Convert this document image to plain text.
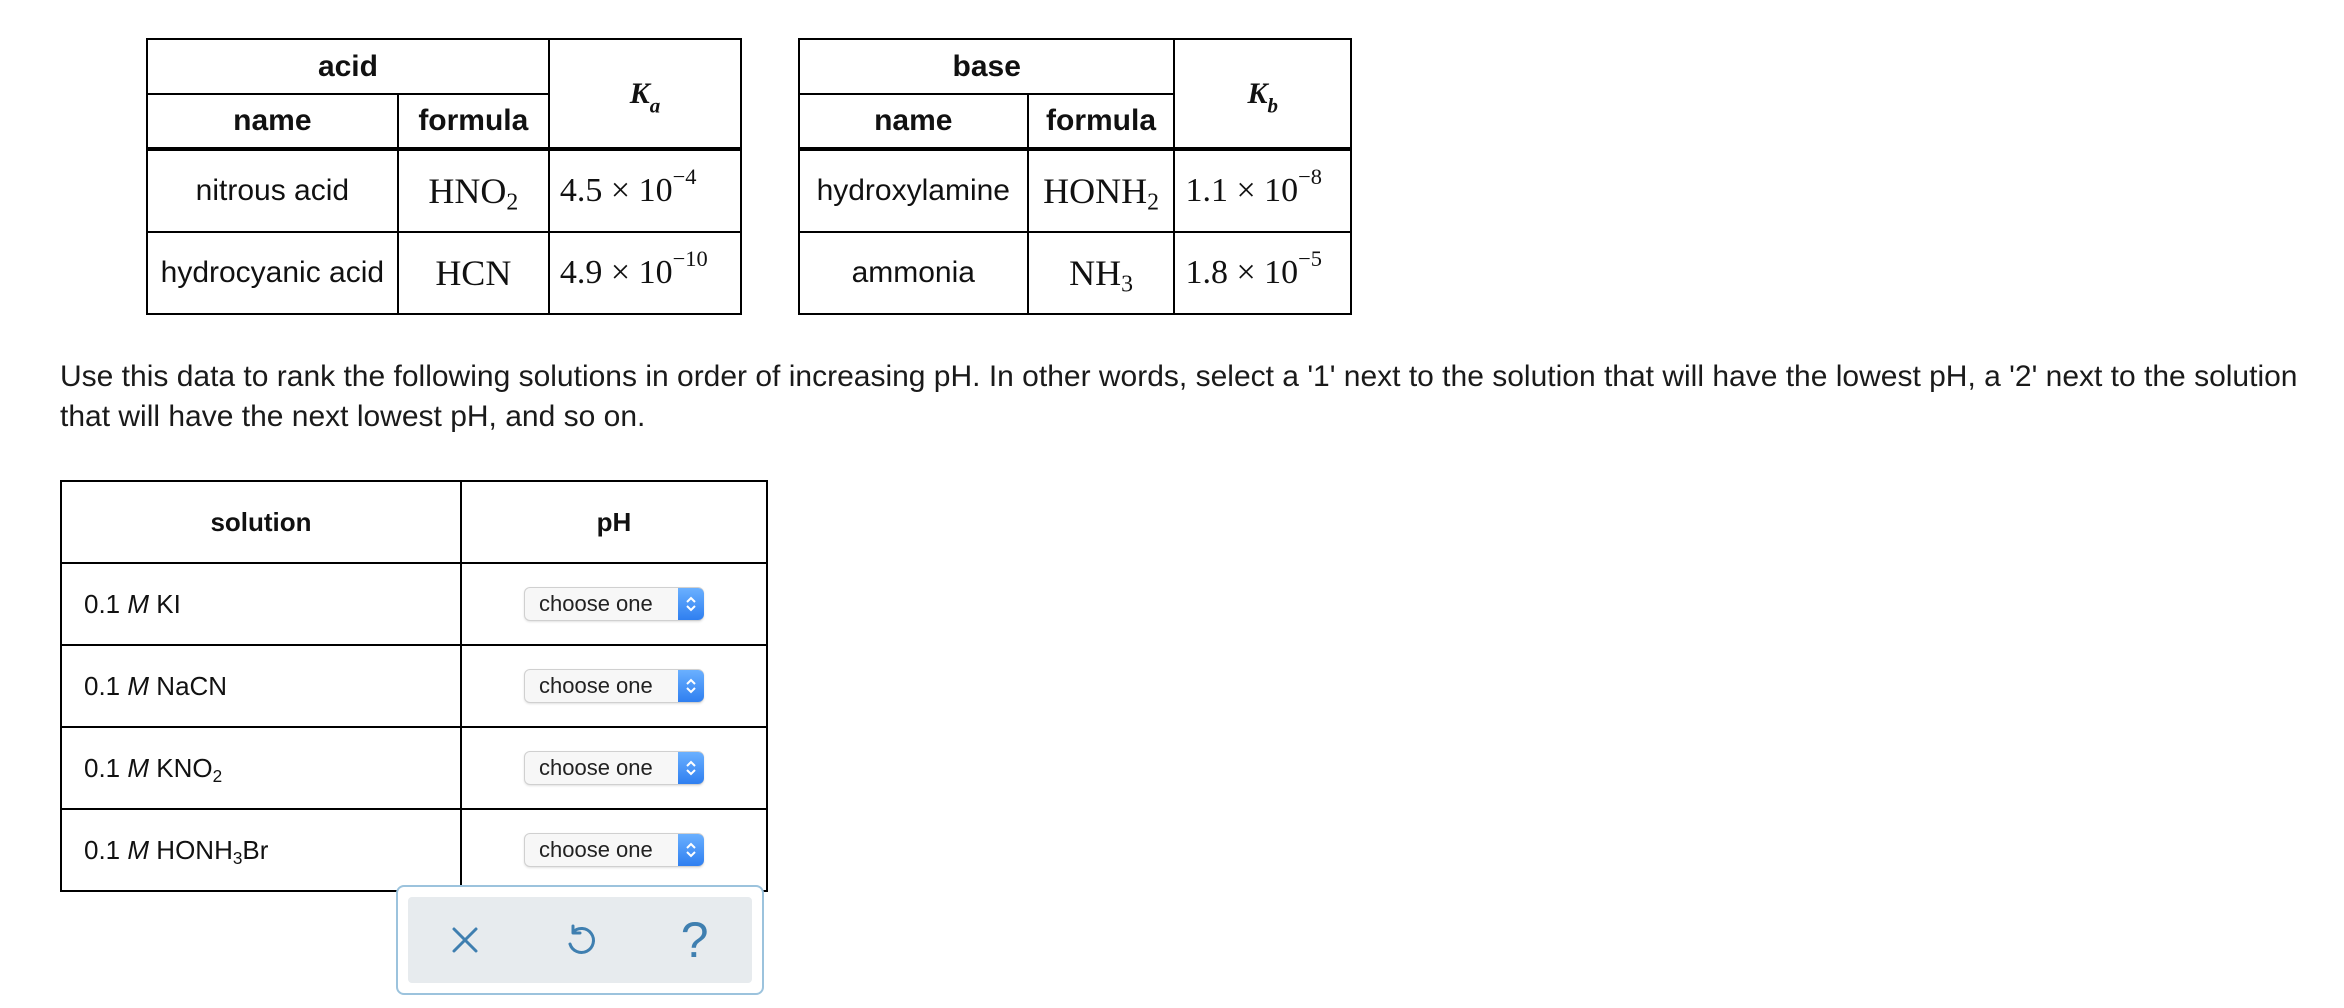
acid		$K_a$
name	formula	
nitrous acid	$HNO_2$	$4.5 \times 10^{-4}$
hydrocyanic acid	HCN	$4.9 \times 10^{-10}$
base		$K_b$
name	formula	
hydroxylamine	$HONH_2$	$1.1 \times 10^{-8}$
ammonia	$NH_3$	$1.8 \times 10^{-5}$
Use this data to rank the following solutions in order of increasing pH. In other words, select a '1' next to the solution that will have the lowest pH, a '2' next to the solution that will have the next lowest pH, and so on.
solution	pH
0.1 M KI	choose one

0.1 M NaCN	choose one

0.1 M $KNO_2$	choose one

0.1 M $HONH_3Br$	choose one
?
